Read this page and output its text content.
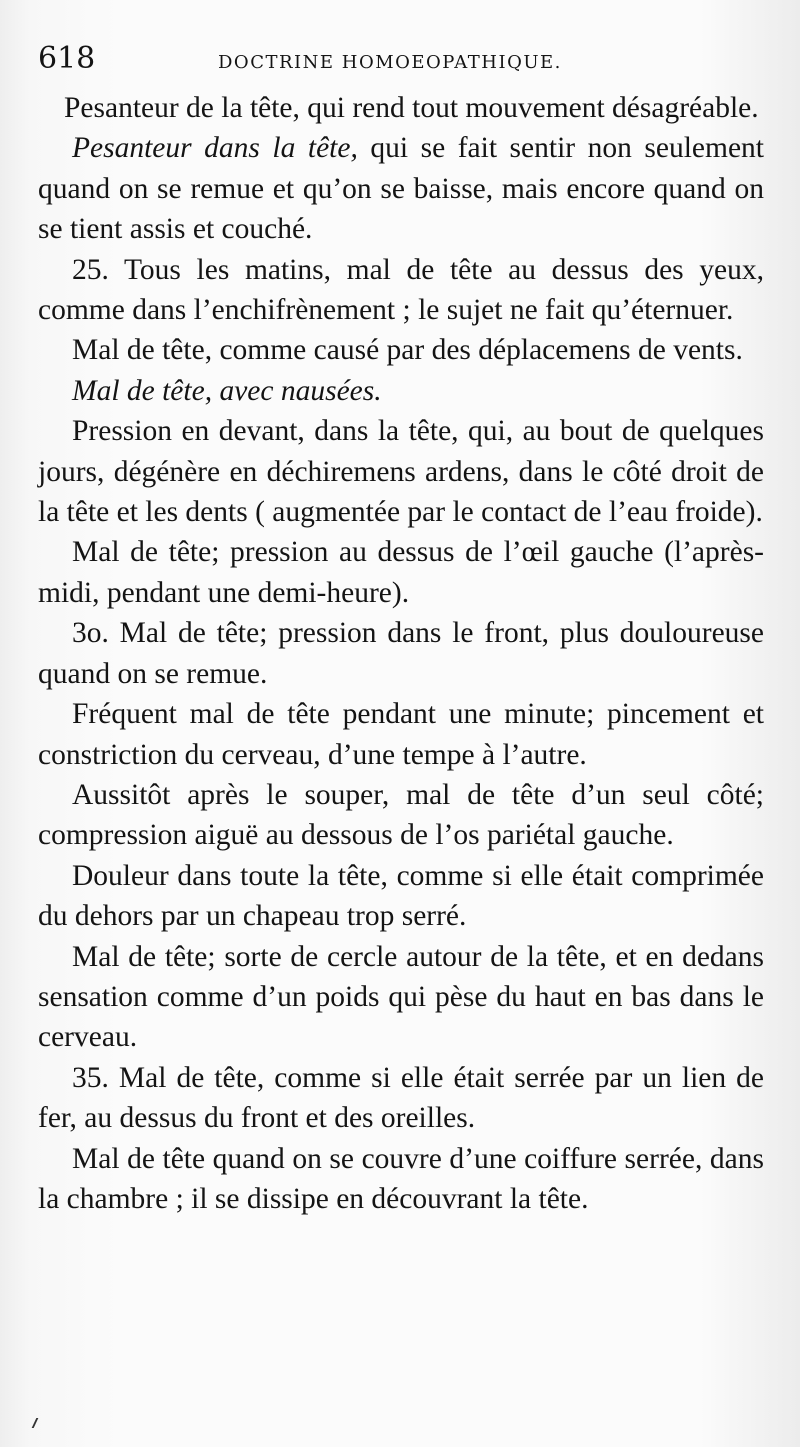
618	DOCTRINE HOMOEOPATHIQUE.

Pesanteur de la tête, qui rend tout mouvement désagréable.

Pesanteur dans la tête, qui se fait sentir non seulement quand on se remue et qu’on se baisse, mais encore quand on se tient assis et couché.

25. Tous les matins, mal de tête au dessus des yeux, comme dans l’enchifrènement ; le sujet ne fait qu’éternuer.

Mal de tête, comme causé par des déplacemens de vents.

Mal de tête, avec nausées.

Pression en devant, dans la tête, qui, au bout de quelques jours, dégénère en déchiremens ardens, dans le côté droit de la tête et les dents ( augmentée par le contact de l’eau froide).

Mal de tête; pression au dessus de l’œil gauche (l’après-midi, pendant une demi-heure).

3o. Mal de tête; pression dans le front, plus douloureuse quand on se remue.

Fréquent mal de tête pendant une minute; pincement et constriction du cerveau, d’une tempe à l’autre.

Aussitôt après le souper, mal de tête d’un seul côté; compression aiguë au dessous de l’os pariétal gauche.

Douleur dans toute la tête, comme si elle était comprimée du dehors par un chapeau trop serré.

Mal de tête; sorte de cercle autour de la tête, et en dedans sensation comme d’un poids qui pèse du haut en bas dans le cerveau.

35. Mal de tête, comme si elle était serrée par un lien de fer, au dessus du front et des oreilles.

Mal de tête quand on se couvre d’une coiffure serrée, dans la chambre ; il se dissipe en découvrant la tête.
